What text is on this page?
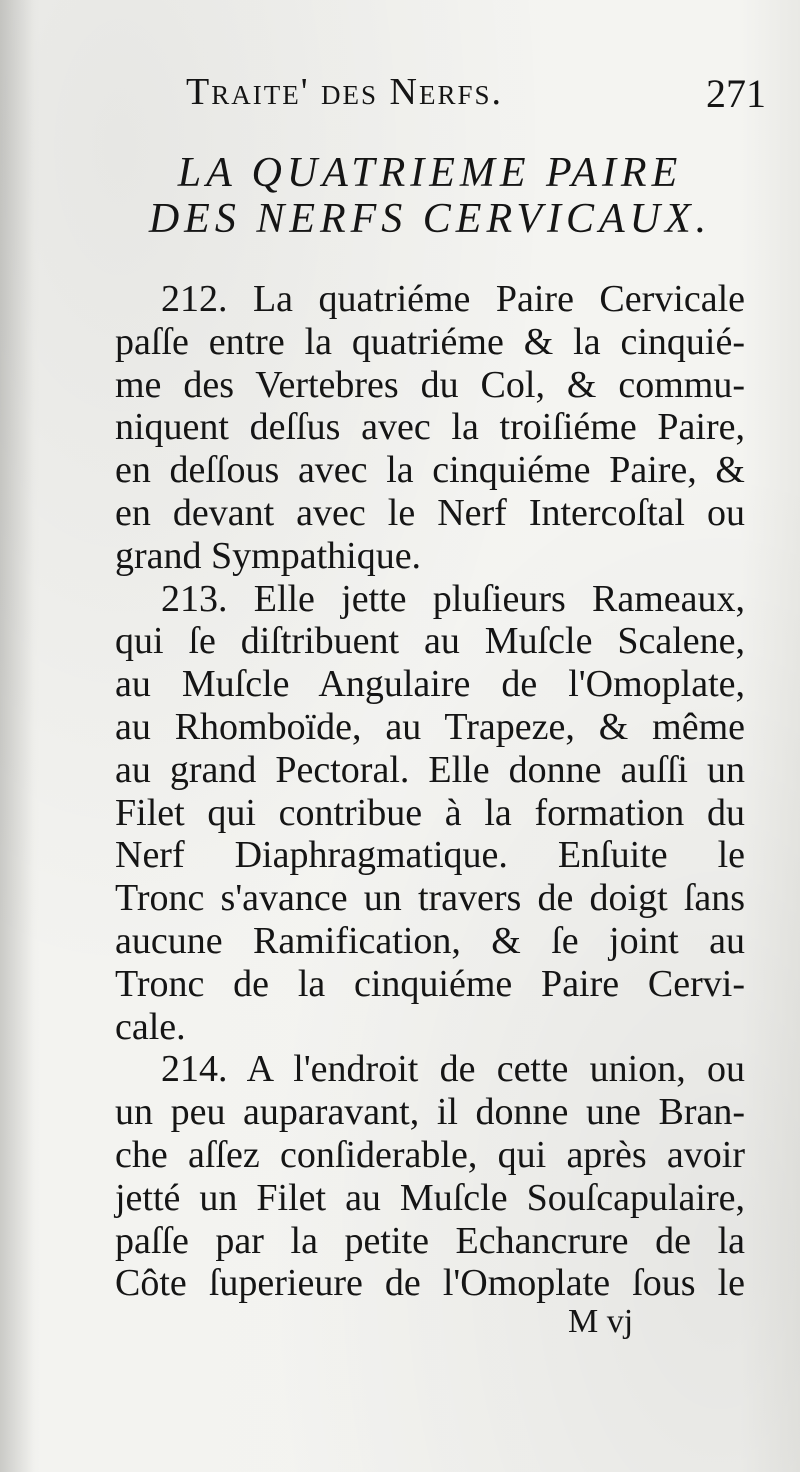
Traite' des Nerfs.	271
LA QUATRIEME PAIRE
DES NERFS CERVICAUX.

212. La quatriéme Paire Cervicale
paſſe entre la quatriéme & la cinquié-
me des Vertebres du Col, & commu-
niquent deſſus avec la troiſiéme Paire,
en deſſous avec la cinquiéme Paire, &
en devant avec le Nerf Intercoſtal ou
grand Sympathique.

213. Elle jette pluſieurs Rameaux,
qui ſe diſtribuent au Muſcle Scalene,
au Muſcle Angulaire de l'Omoplate,
au Rhomboïde, au Trapeze, & même
au grand Pectoral. Elle donne auſſi un
Filet qui contribue à la formation du
Nerf Diaphragmatique. Enſuite le
Tronc s'avance un travers de doigt ſans
aucune Ramification, & ſe joint au
Tronc de la cinquiéme Paire Cervi-
cale.

214. A l'endroit de cette union, ou
un peu auparavant, il donne une Bran-
che aſſez conſiderable, qui après avoir
jetté un Filet au Muſcle Souſcapulaire,
paſſe par la petite Echancrure de la
Côte ſuperieure de l'Omoplate ſous le

M vj
